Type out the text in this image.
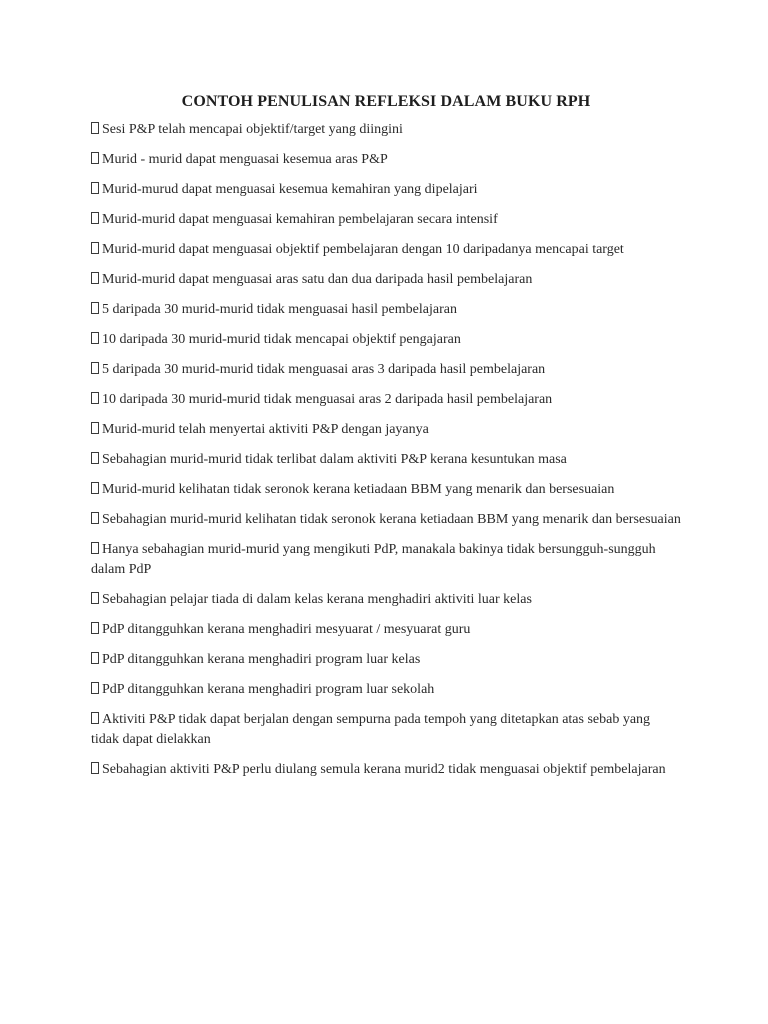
CONTOH PENULISAN REFLEKSI DALAM BUKU RPH
Sesi P&P telah mencapai objektif/target yang diingini
Murid - murid dapat menguasai kesemua aras P&P
Murid-murud dapat menguasai kesemua kemahiran yang dipelajari
Murid-murid dapat menguasai kemahiran pembelajaran secara intensif
Murid-murid dapat menguasai objektif pembelajaran dengan 10 daripadanya mencapai target
Murid-murid dapat menguasai aras satu dan dua daripada hasil pembelajaran
5 daripada 30 murid-murid tidak menguasai hasil pembelajaran
10 daripada 30 murid-murid tidak mencapai objektif pengajaran
5 daripada 30 murid-murid tidak menguasai aras 3 daripada hasil pembelajaran
10 daripada 30 murid-murid tidak menguasai aras 2 daripada hasil pembelajaran
Murid-murid telah menyertai aktiviti P&P dengan jayanya
Sebahagian murid-murid tidak terlibat dalam aktiviti P&P kerana kesuntukan masa
Murid-murid kelihatan tidak seronok kerana ketiadaan BBM yang menarik dan bersesuaian
Sebahagian murid-murid kelihatan tidak seronok kerana ketiadaan BBM yang menarik dan bersesuaian
Hanya sebahagian murid-murid yang mengikuti PdP, manakala bakinya tidak bersungguh-sungguh dalam PdP
Sebahagian pelajar tiada di dalam kelas kerana menghadiri aktiviti luar kelas
PdP ditangguhkan kerana menghadiri mesyuarat / mesyuarat guru
PdP ditangguhkan kerana menghadiri program luar kelas
PdP ditangguhkan kerana menghadiri program luar sekolah
Aktiviti P&P tidak dapat berjalan dengan sempurna pada tempoh yang ditetapkan atas sebab yang tidak dapat dielakkan
Sebahagian aktiviti P&P perlu diulang semula kerana murid2 tidak menguasai objektif pembelajaran
